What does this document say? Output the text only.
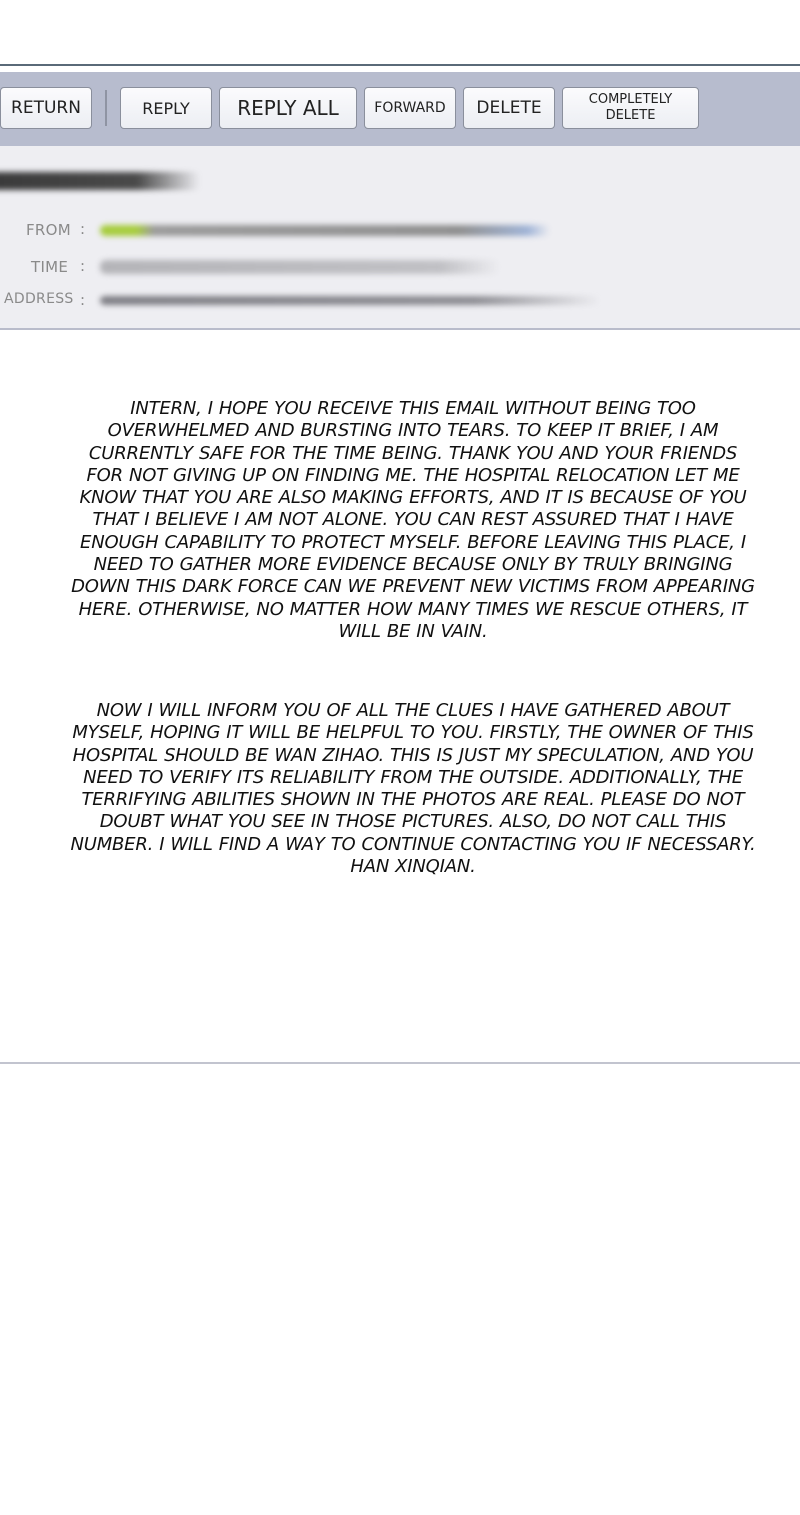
RETURN	REPLY	REPLY ALL	FORWARD	DELETE	COMPLETELY DELETE
FROM :
TIME :
ADDRESS :
INTERN, I HOPE YOU RECEIVE THIS EMAIL WITHOUT BEING TOO OVERWHELMED AND BURSTING INTO TEARS. TO KEEP IT BRIEF, I AM CURRENTLY SAFE FOR THE TIME BEING. THANK YOU AND YOUR FRIENDS FOR NOT GIVING UP ON FINDING ME. THE HOSPITAL RELOCATION LET ME KNOW THAT YOU ARE ALSO MAKING EFFORTS, AND IT IS BECAUSE OF YOU THAT I BELIEVE I AM NOT ALONE. YOU CAN REST ASSURED THAT I HAVE ENOUGH CAPABILITY TO PROTECT MYSELF. BEFORE LEAVING THIS PLACE, I NEED TO GATHER MORE EVIDENCE BECAUSE ONLY BY TRULY BRINGING DOWN THIS DARK FORCE CAN WE PREVENT NEW VICTIMS FROM APPEARING HERE. OTHERWISE, NO MATTER HOW MANY TIMES WE RESCUE OTHERS, IT WILL BE IN VAIN.
NOW I WILL INFORM YOU OF ALL THE CLUES I HAVE GATHERED ABOUT MYSELF, HOPING IT WILL BE HELPFUL TO YOU. FIRSTLY, THE OWNER OF THIS HOSPITAL SHOULD BE WAN ZIHAO. THIS IS JUST MY SPECULATION, AND YOU NEED TO VERIFY ITS RELIABILITY FROM THE OUTSIDE. ADDITIONALLY, THE TERRIFYING ABILITIES SHOWN IN THE PHOTOS ARE REAL. PLEASE DO NOT DOUBT WHAT YOU SEE IN THOSE PICTURES. ALSO, DO NOT CALL THIS NUMBER. I WILL FIND A WAY TO CONTINUE CONTACTING YOU IF NECESSARY. HAN XINQIAN.
